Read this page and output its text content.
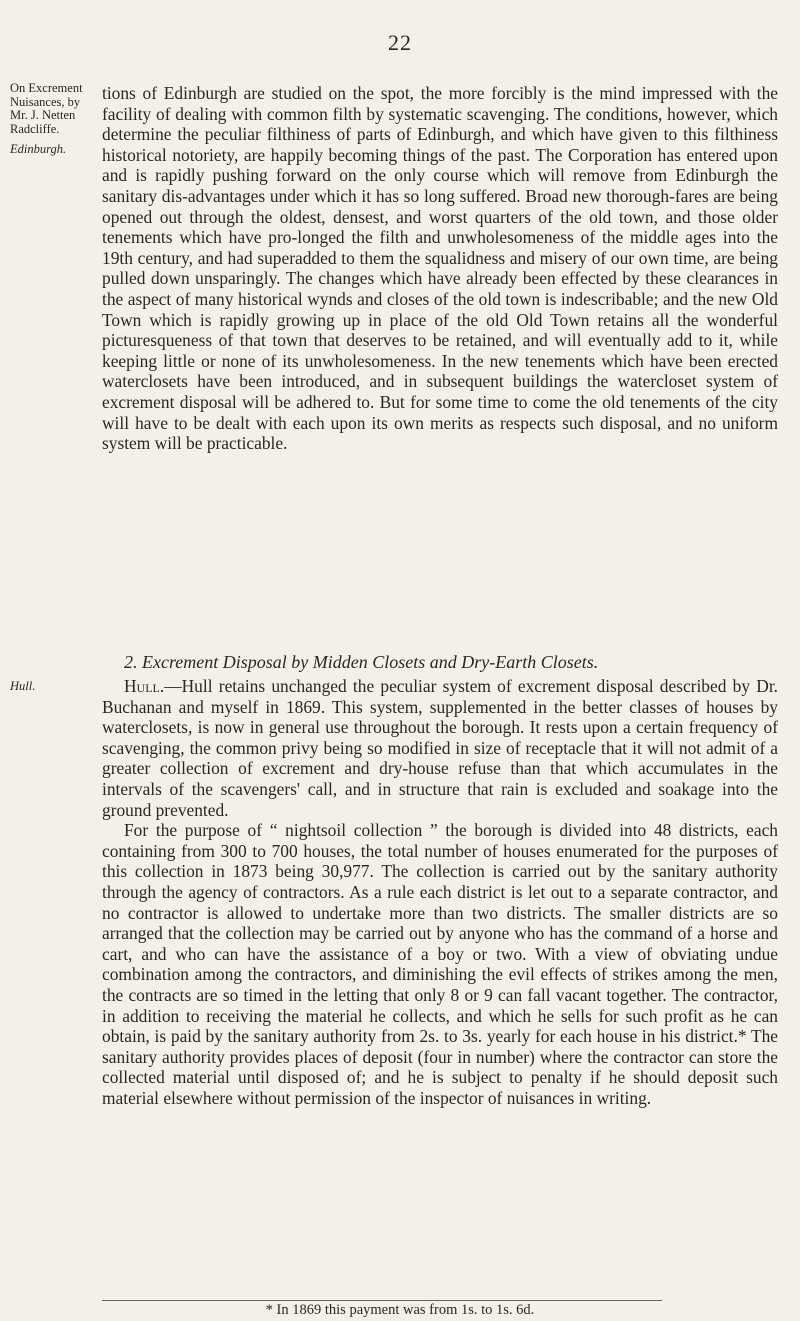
22
On Excrement
Nuisances, by
Mr. J. Netten
Radcliffe.
Edinburgh.
Hull.

tions of Edinburgh are studied on the spot, the more forcibly is the mind impressed with the facility of dealing with common filth by systematic scavenging. The conditions, however, which determine the peculiar filthiness of parts of Edinburgh, and which have given to this filthiness historical notoriety, are happily becoming things of the past. The Corporation has entered upon and is rapidly pushing forward on the only course which will remove from Edinburgh the sanitary dis-advantages under which it has so long suffered. Broad new thorough-fares are being opened out through the oldest, densest, and worst quarters of the old town, and those older tenements which have pro-longed the filth and unwholesomeness of the middle ages into the 19th century, and had superadded to them the squalidness and misery of our own time, are being pulled down unsparingly. The changes which have already been effected by these clearances in the aspect of many historical wynds and closes of the old town is indescribable; and the new Old Town which is rapidly growing up in place of the old Old Town retains all the wonderful picturesqueness of that town that deserves to be retained, and will eventually add to it, while keeping little or none of its unwholesomeness. In the new tenements which have been erected waterclosets have been introduced, and in subsequent buildings the watercloset system of excrement disposal will be adhered to. But for some time to come the old tenements of the city will have to be dealt with each upon its own merits as respects such disposal, and no uniform system will be practicable.

2. Excrement Disposal by Midden Closets and Dry-Earth Closets.

Hull.—Hull retains unchanged the peculiar system of excrement disposal described by Dr. Buchanan and myself in 1869. This system, supplemented in the better classes of houses by waterclosets, is now in general use throughout the borough. It rests upon a certain frequency of scavenging, the common privy being so modified in size of receptacle that it will not admit of a greater collection of excrement and dry-house refuse than that which accumulates in the intervals of the scavengers' call, and in structure that rain is excluded and soakage into the ground prevented.

For the purpose of “ nightsoil collection ” the borough is divided into 48 districts, each containing from 300 to 700 houses, the total number of houses enumerated for the purposes of this collection in 1873 being 30,977. The collection is carried out by the sanitary authority through the agency of contractors. As a rule each district is let out to a separate contractor, and no contractor is allowed to undertake more than two districts. The smaller districts are so arranged that the collection may be carried out by anyone who has the command of a horse and cart, and who can have the assistance of a boy or two. With a view of obviating undue combination among the contractors, and diminishing the evil effects of strikes among the men, the contracts are so timed in the letting that only 8 or 9 can fall vacant together. The contractor, in addition to receiving the material he collects, and which he sells for such profit as he can obtain, is paid by the sanitary authority from 2s. to 3s. yearly for each house in his district.* The sanitary authority provides places of deposit (four in number) where the contractor can store the collected material until disposed of; and he is subject to penalty if he should deposit such material elsewhere without permission of the inspector of nuisances in writing.

* In 1869 this payment was from 1s. to 1s. 6d.
